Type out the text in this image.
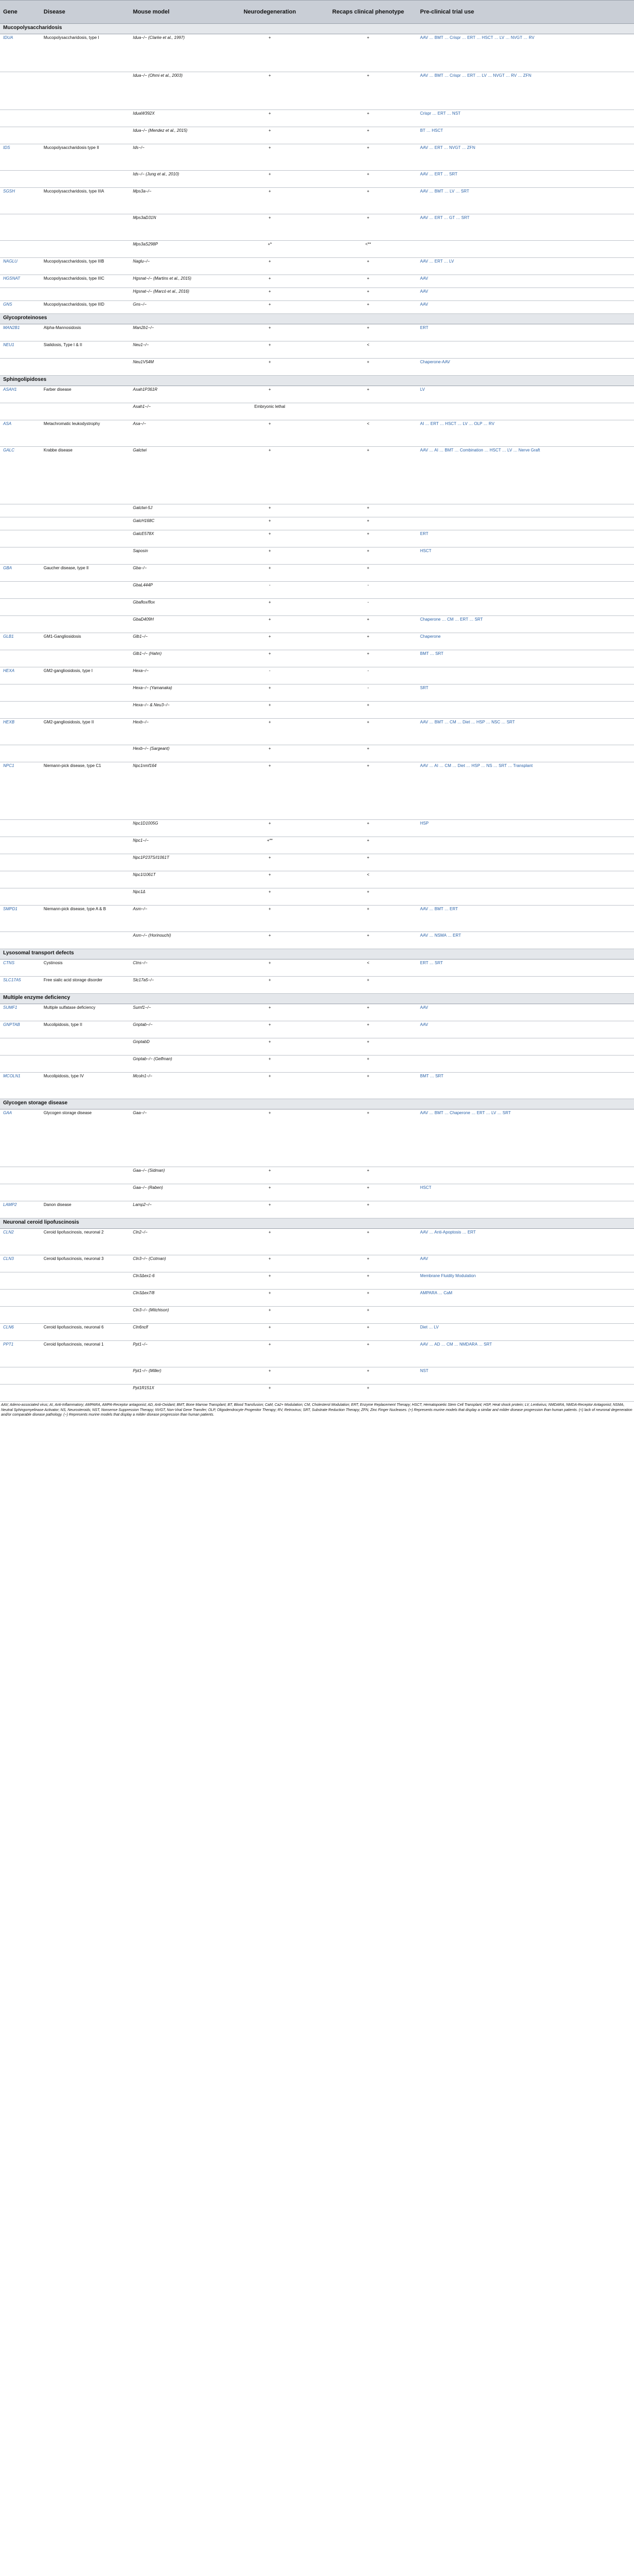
Gene	Disease	Mouse model	Neurodegeneration	Recaps clinical phenotype	Pre-clinical trial use
Mucopolysaccharidosis					
IDUA	Mucopolysaccharidosis, type I	Idua−/− (Clarke et al., 1997)	+	+	AAV … BMT … Crispr … ERT … HSCT … LV … NVGT … RV
		Idua−/− (Ohmi et al., 2003)	+	+	AAV … BMT … Crispr … ERT … LV … NVGT … RV … ZFN
		IduaW392X	+	+	Crispr … ERT … NST
		Idua−/− (Mendez et al., 2015)	+	+	BT … HSCT
IDS	Mucopolysaccharidosis type II	Ids−/−	+	+	AAV … ERT … NVGT … ZFN
		Ids−/− (Jung et al., 2010)	+	+	AAV … ERT … SRT
SGSH	Mucopolysaccharidosis, type IIIA	Mps3a−/−	+	+	AAV … BMT … LV … SRT
		Mps3aD31N	+	+	AAV … ERT … GT … SRT
		Mps3aS298P	+*	<**	
NAGLU	Mucopolysaccharidosis, type IIIB	Naglu−/−	+	+	AAV … ERT … LV
HGSNAT	Mucopolysaccharidosis, type IIIC	Hgsnat−/− (Martins et al., 2015)	+	+	AAV
		Hgsnat−/− (Marcó et al., 2016)	+	+	AAV
GNS	Mucopolysaccharidosis, type IIID	Gns−/−	+	+	AAV
Glycoproteinoses					
MAN2B1	Alpha-Mannosidosis	Man2b1−/−	+	+	ERT
NEU1	Sialidosis, Type I & II	Neu1−/−	+	<	
		Neu1V54M	+	+	Chaperone-AAV
Sphingolipidoses					
ASAH1	Farber disease	Asah1P361R	+	+	LV
		Asah1−/−	Embryonic lethal		
ASA	Metachromatic leukodystrophy	Asa−/−	+	<	AI … ERT … HSCT … LV … OLP … RV
GALC	Krabbe disease	Galctwi	+	+	AAV … AI … BMT … Combination … HSCT … LV … Nerve Graft
		Galctwi-5J	+	+	
		GalcH168C	+	+	
		GalcE578X	+	+	ERT
		Saposin	+	+	HSCT
GBA	Gaucher disease, type II	Gba−/−	+	+	
		GbaL444P	-	-	
		Gbaflox/flox	+	-	
		GbaD409H	+	+	Chaperone … CM … ERT … SRT
GLB1	GM1-Gangliosidosis	Glb1−/−	+	+	Chaperone
		Glb1−/− (Hahn)	+	+	BMT … SRT
HEXA	GM2-gangliosidosis, type I	Hexa−/−	-	-	
		Hexa−/− (Yamanaka)	+	-	SRT
		Hexa−/− & Neu3−/−	+	+	
HEXB	GM2-gangliosidosis, type II	Hexb−/−	+	+	AAV … BMT … CM … Diet … HSP … NSC … SRT
		Hexb−/− (Sargeant)	+	+	
NPC1	Niemann-pick disease, type C1	Npc1nmf164	+	+	AAV … AI … CM … Diet … HSP … NS … SRT … Transplant
		Npc1D1005G	+	+	HSP
		Npc1−/−	+**	+	
		Npc1P237S/I1061T	+	+	
		Npc1I1061T	+	<	
		Npc1Δ	+	+	
SMPD1	Niemann-pick disease, type A & B	Asm−/−	+	+	AAV … BMT … ERT
		Asm−/− (Horinouchi)	+	+	AAV … NSMA … ERT
Lysosomal transport defects					
CTNS	Cystinosis	Ctns−/−	+	<	ERT … SRT
SLC17A5	Free sialic acid storage disorder	Slc17a5−/−	+	+	
Multiple enzyme deficiency					
SUMF1	Multiple sulfatase deficiency	Sumf1−/−	+	+	AAV
GNPTAB	Mucolipidosis, type II	Gnptab−/−	+	+	AAV
		GnptabD	+	+	
		Gnptab−/− (Gelfman)	+	+	
MCOLN1	Mucolipidosis, type IV	Mcoln1−/−	+	+	BMT … SRT
Glycogen storage disease					
GAA	Glycogen storage disease	Gaa−/−	+	+	AAV … BMT … Chaperone … ERT … LV … SRT
		Gaa−/− (Sidman)	+	+	
		Gaa−/− (Raben)	+	+	HSCT
LAMP2	Danon disease	Lamp2−/−	+	+	
Neuronal ceroid lipofuscinosis					
CLN2	Ceroid lipofuscinosis, neuronal 2	Cln2−/−	+	+	AAV … Anti-Apoptosis … ERT
CLN3	Ceroid lipofuscinosis, neuronal 3	Cln3−/− (Cotman)	+	+	AAV
		Cln3Δex1-6	+	+	Membrane Fluidity Modulation
		Cln3Δex7/8	+	+	AMPARA … CaM
		Cln3−/− (Mitchison)	+	+	
CLN6	Ceroid lipofuscinosis, neuronal 6	Cln6nclf	+	+	Diet … LV
PPT1	Ceroid lipofuscinosis, neuronal 1	Ppt1−/−	+	+	AAV … AD … CM … NMDARA … SRT
		Ppt1−/− (Miller)	+	+	NST
		Ppt1R151X	+	+	
AAV, Adeno-associated virus; AI, Anti-Inflammatory; AMPARA, AMPA-Receptor antagonist; AD, Anti-Oxidant; BMT, Bone Marrow Transplant; BT, Blood Transfusion; CaM, Ca2+ Modulation; CM, Cholesterol Modulation; ERT, Enzyme Replacement Therapy; HSCT, Hematopoietic Stem Cell Transplant; HSP, Heat shock protein; LV, Lentivirus; NMDARA, NMDA-Receptor Antagonist; NSMA, Neutral Sphingomyelinase Activator; NS, Neurosteroids; NST, Nonsense Suppression Therapy; NVGT, Non-Viral Gene Transfer; OLP, Oligodendrocyte Progenitor Therapy; RV, Retrovirus; SRT, Substrate Reduction Therapy; ZFN, Zinc Finger Nucleases. (+) Represents murine models that display a similar and milder disease progression than human patients. (<) lack of neuronal degeneration and/or comparable disease pathology. (−) Represents murine models that display a milder disease progression than human patients.
